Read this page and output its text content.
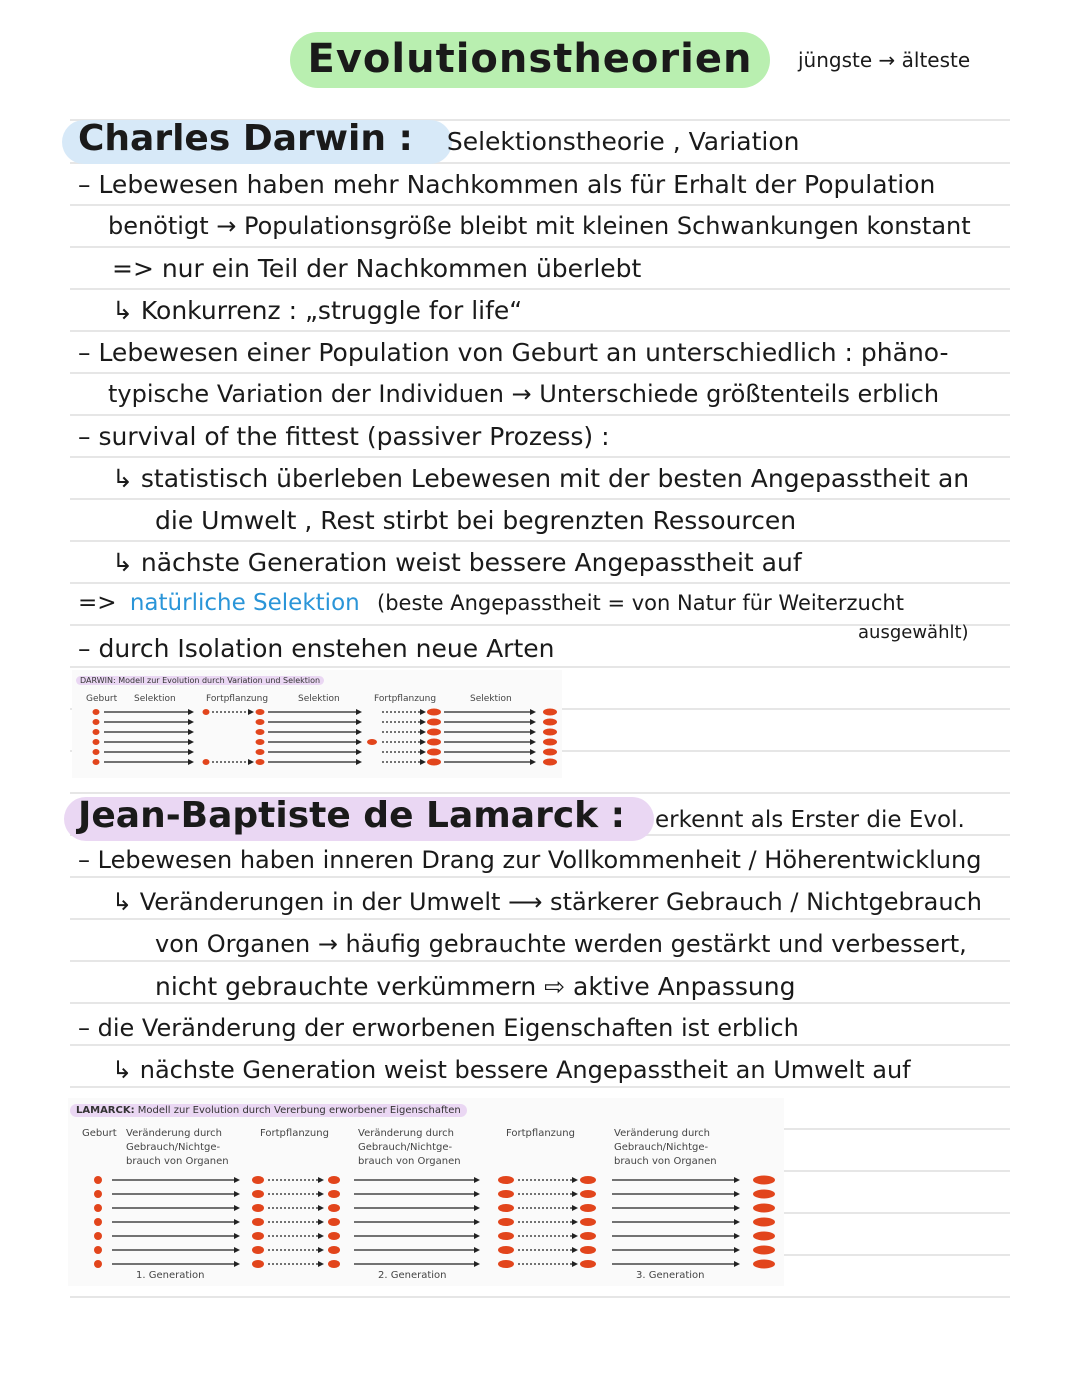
Evolutionstheorien	jüngste → älteste
Charles Darwin : Selektionstheorie , Variation
– Lebewesen haben mehr Nachkommen als für Erhalt der Population
benötigt → Populationsgröße bleibt mit kleinen Schwankungen konstant
=> nur ein Teil der Nachkommen überlebt
↳ Konkurrenz : „struggle for life“
– Lebewesen einer Population von Geburt an unterschiedlich : phäno-
typische Variation der Individuen → Unterschiede größtenteils erblich
– survival of the fittest (passiver Prozess) :
↳ statistisch überleben Lebewesen mit der besten Angepasstheit an
die Umwelt , Rest stirbt bei begrenzten Ressourcen
↳ nächste Generation weist bessere Angepasstheit auf
=> natürliche Selektion (beste Angepasstheit = von Natur für Weiterzucht
ausgewählt)
– durch Isolation enstehen neue Arten
DARWIN: Modell zur Evolution durch Variation und Selektion
Geburt Selektion	Fortpflanzung	Selektion	Fortpflanzung	Selektion
Jean-Baptiste de Lamarck : erkennt als Erster die Evol.
– Lebewesen haben inneren Drang zur Vollkommenheit / Höherentwicklung
↳ Veränderungen in der Umwelt ⟶ stärkerer Gebrauch / Nichtgebrauch
von Organen → häufig gebrauchte werden gestärkt und verbessert,
nicht gebrauchte verkümmern ⇨ aktive Anpassung
– die Veränderung der erworbenen Eigenschaften ist erblich
↳ nächste Generation weist bessere Angepasstheit an Umwelt auf
LAMARCK: Modell zur Evolution durch Vererbung erworbener Eigenschaften
Geburt Veränderung durch
Gebrauch/Nichtge-
brauch von Organen
Fortpflanzung	Veränderung durch
Gebrauch/Nichtge-
brauch von Organen
Fortpflanzung	Veränderung durch
Gebrauch/Nichtge-
brauch von Organen
1. Generation	2. Generation	3. Generation
